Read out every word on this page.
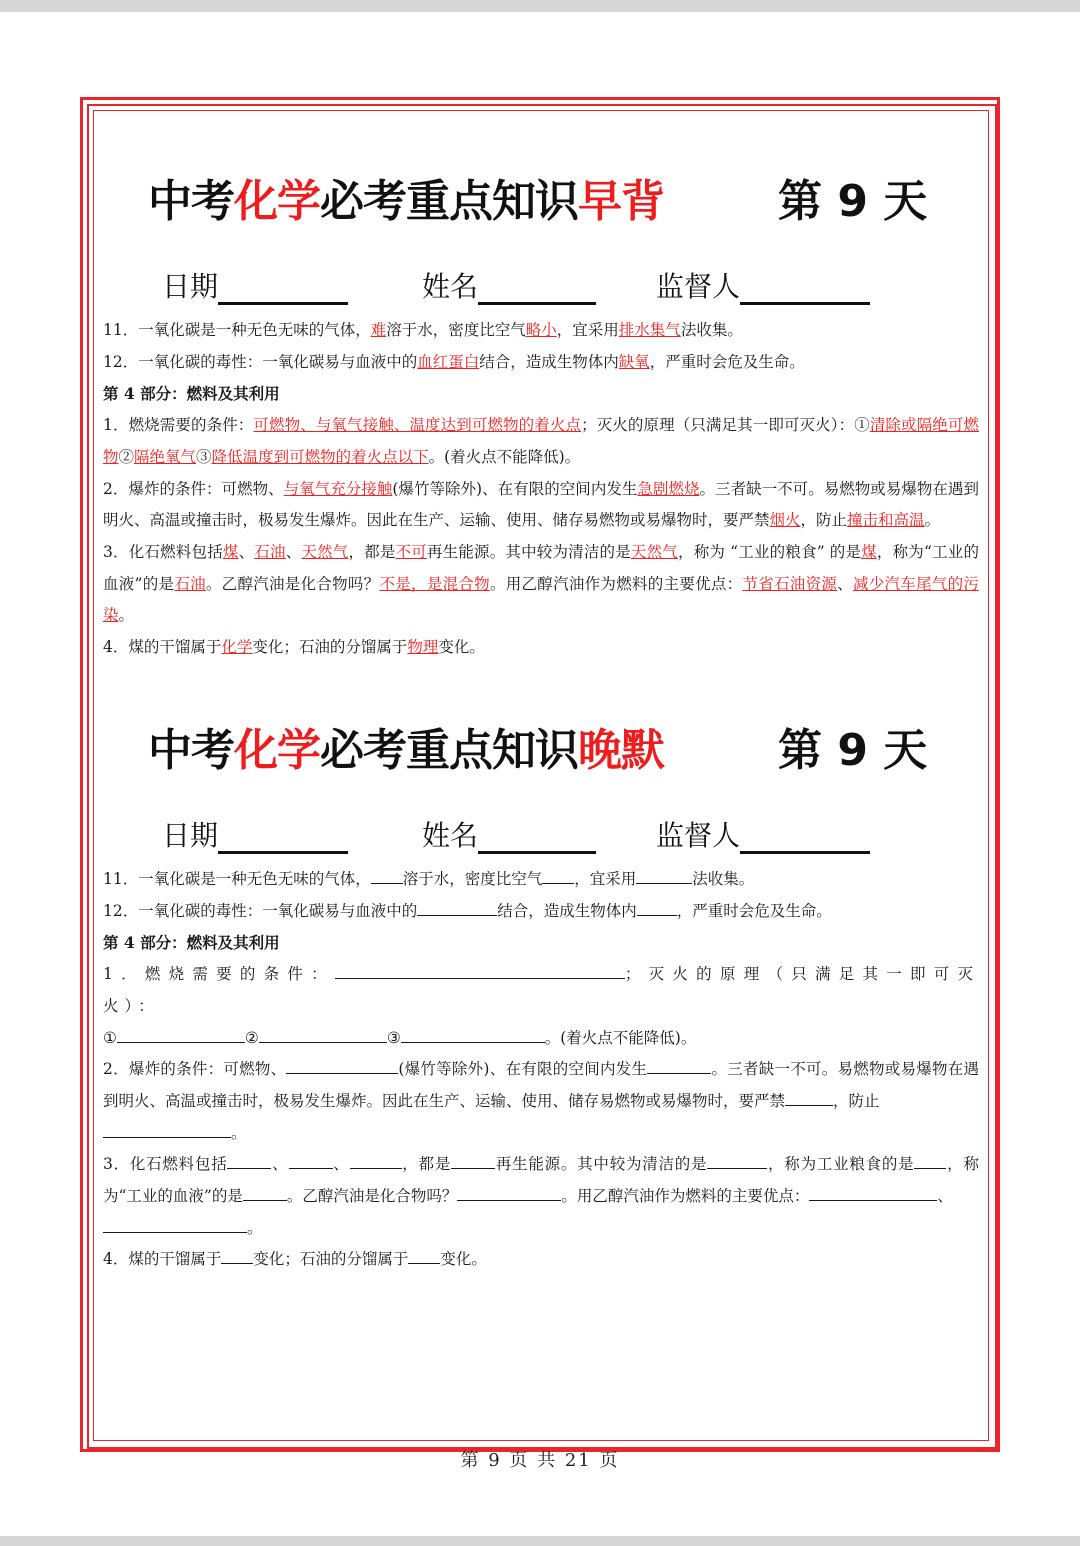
中考化学必考重点知识早背	第 9 天
日期	姓名	监督人

11．一氧化碳是一种无色无味的气体，难溶于水，密度比空气略小，宜采用排水集气法收集。

12．一氧化碳的毒性：一氧化碳易与血液中的血红蛋白结合，造成生物体内缺氧，严重时会危及生命。

第 4 部分：燃料及其利用

1．燃烧需要的条件：可燃物、与氧气接触、温度达到可燃物的着火点；灭火的原理（只满足其一即可灭火）：①清除或隔绝可燃物②隔绝氧气③降低温度到可燃物的着火点以下。(着火点不能降低)。

2．爆炸的条件：可燃物、与氧气充分接触(爆竹等除外)、在有限的空间内发生急剧燃烧。三者缺一不可。易燃物或易爆物在遇到明火、高温或撞击时，极易发生爆炸。因此在生产、运输、使用、储存易燃物或易爆物时，要严禁烟火，防止撞击和高温。

3．化石燃料包括煤、石油、天然气，都是不可再生能源。其中较为清洁的是天然气，称为 “工业的粮食” 的是煤，称为“工业的血液”的是石油。乙醇汽油是化合物吗？不是，是混合物。用乙醇汽油作为燃料的主要优点：节省石油资源、减少汽车尾气的污染。

4．煤的干馏属于化学变化；石油的分馏属于物理变化。

中考化学必考重点知识晚默	第 9 天
日期	姓名	监督人

11．一氧化碳是一种无色无味的气体， 溶于水，密度比空气 ，宜采用	法收集。

12．一氧化碳的毒性：一氧化碳易与血液中的	结合，造成生物体内	，严重时会危及生命。

第 4 部分：燃料及其利用

1．燃烧需要的条件：	；灭火的原理（只满足其一即可灭火）：
①	②	③	。(着火点不能降低)。

2．爆炸的条件：可燃物、	(爆竹等除外)、在有限的空间内发生	。三者缺一不可。易燃物或易爆物在遇到明火、高温或撞击时，极易发生爆炸。因此在生产、运输、使用、储存易燃物或易爆物时，要严禁	，防止
。

3．化石燃料包括	、	、	，都是	再生能源。其中较为清洁的是	，称为工业粮食的是 ，称为“工业的血液”的是	。乙醇汽油是化合物吗？	。用乙醇汽油作为燃料的主要优点：	、
。

4．煤的干馏属于 变化；石油的分馏属于 变化。

第 9 页 共 21 页
